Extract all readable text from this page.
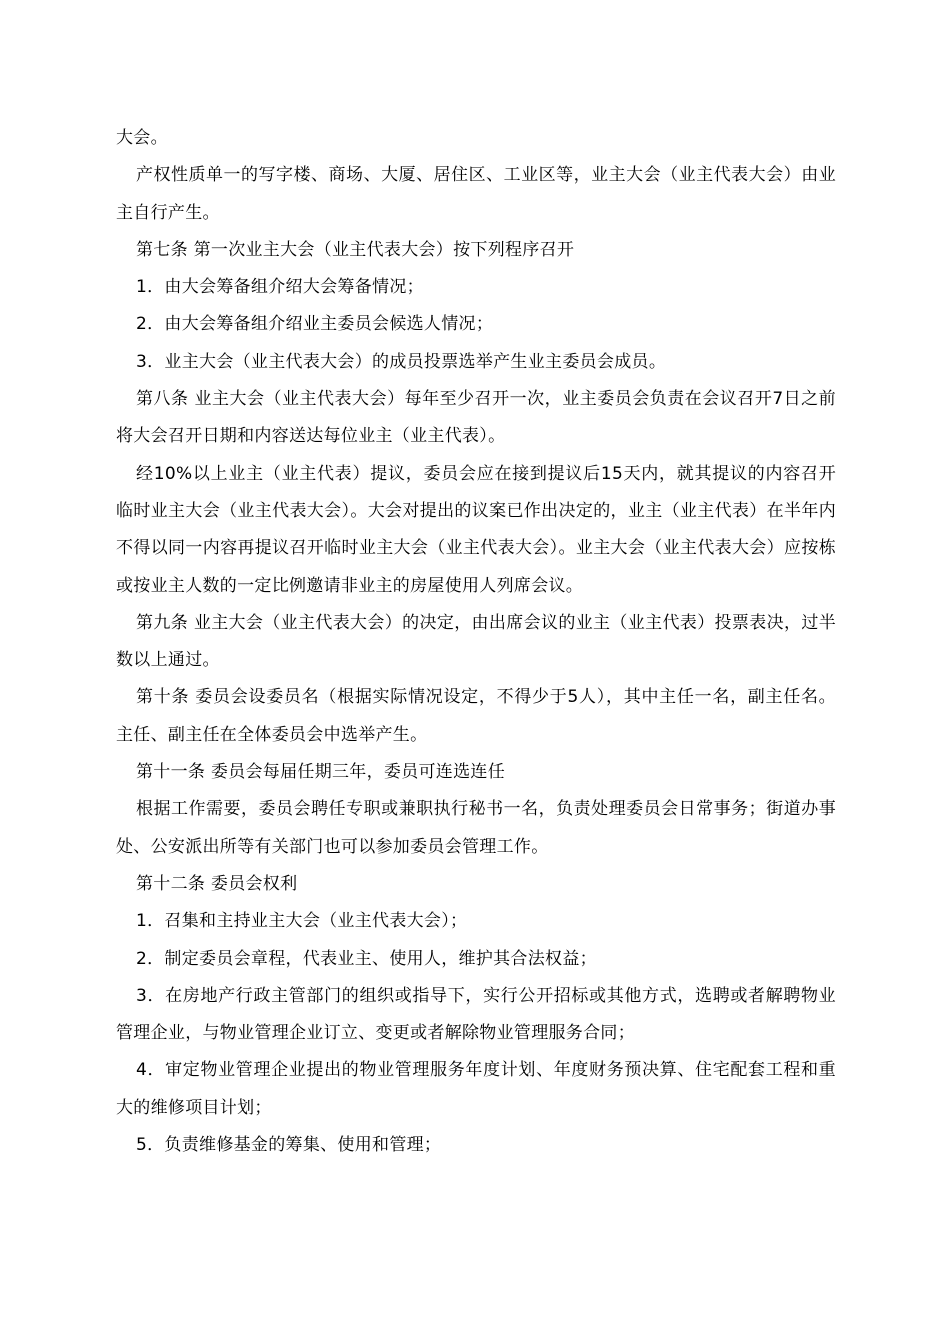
大会。

产权性质单一的写字楼、商场、大厦、居住区、工业区等，业主大会（业主代表大会）由业主自行产生。

第七条 第一次业主大会（业主代表大会）按下列程序召开

1．由大会筹备组介绍大会筹备情况；

2．由大会筹备组介绍业主委员会候选人情况；

3．业主大会（业主代表大会）的成员投票选举产生业主委员会成员。

第八条 业主大会（业主代表大会）每年至少召开一次，业主委员会负责在会议召开7日之前将大会召开日期和内容送达每位业主（业主代表）。

经10%以上业主（业主代表）提议，委员会应在接到提议后15天内，就其提议的内容召开临时业主大会（业主代表大会）。大会对提出的议案已作出决定的，业主（业主代表）在半年内不得以同一内容再提议召开临时业主大会（业主代表大会）。业主大会（业主代表大会）应按栋或按业主人数的一定比例邀请非业主的房屋使用人列席会议。

第九条 业主大会（业主代表大会）的决定，由出席会议的业主（业主代表）投票表决，过半数以上通过。

第十条 委员会设委员名（根据实际情况设定，不得少于5人），其中主任一名，副主任名。主任、副主任在全体委员会中选举产生。

第十一条 委员会每届任期三年，委员可连选连任

根据工作需要，委员会聘任专职或兼职执行秘书一名，负责处理委员会日常事务；街道办事处、公安派出所等有关部门也可以参加委员会管理工作。

第十二条 委员会权利

1．召集和主持业主大会（业主代表大会）；

2．制定委员会章程，代表业主、使用人，维护其合法权益；

3．在房地产行政主管部门的组织或指导下，实行公开招标或其他方式，选聘或者解聘物业管理企业，与物业管理企业订立、变更或者解除物业管理服务合同；

4．审定物业管理企业提出的物业管理服务年度计划、年度财务预决算、住宅配套工程和重大的维修项目计划；

5．负责维修基金的筹集、使用和管理；
